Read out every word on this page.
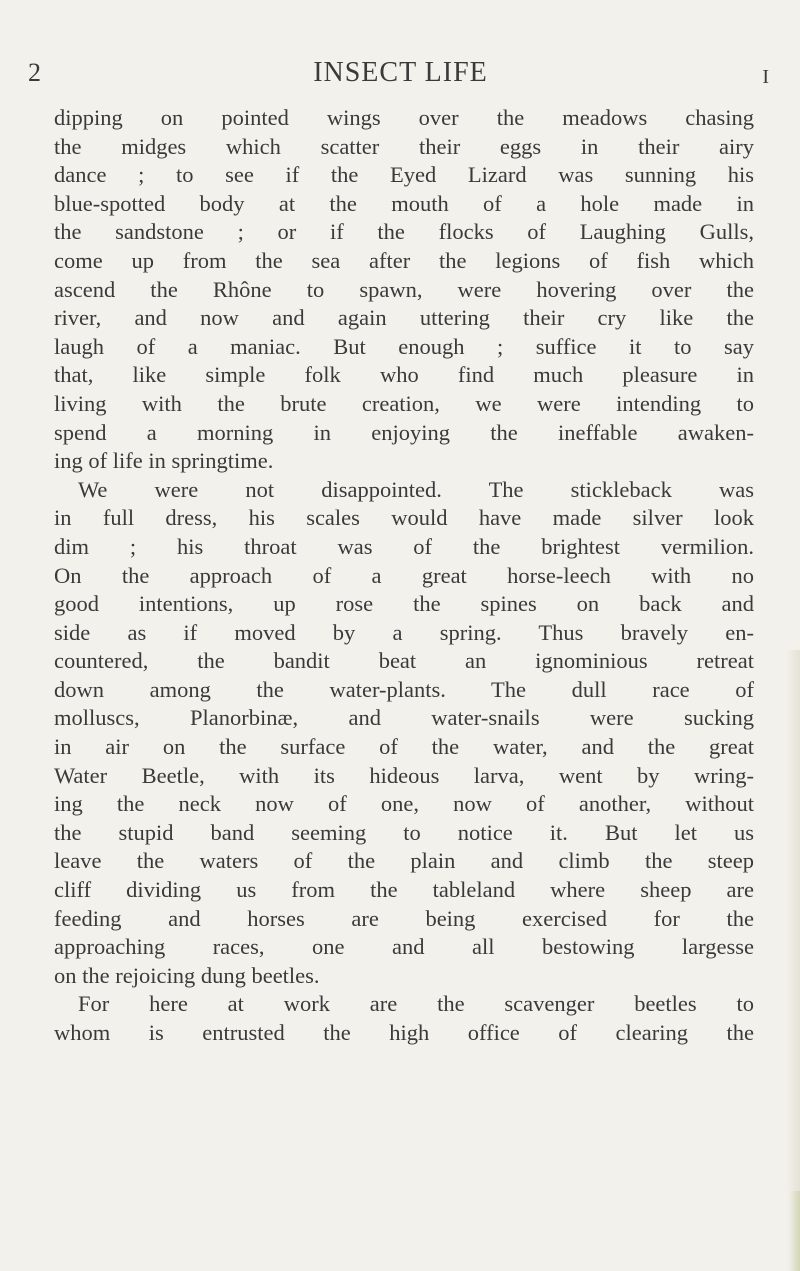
2	INSECT LIFE	I
dipping on pointed wings over the meadows chasing
the midges which scatter their eggs in their airy
dance ; to see if the Eyed Lizard was sunning his
blue-spotted body at the mouth of a hole made in
the sandstone ; or if the flocks of Laughing Gulls,
come up from the sea after the legions of fish which
ascend the Rhône to spawn, were hovering over the
river, and now and again uttering their cry like the
laugh of a maniac. But enough ; suffice it to say
that, like simple folk who find much pleasure in
living with the brute creation, we were intending to
spend a morning in enjoying the ineffable awaken-
ing of life in springtime.
We were not disappointed. The stickleback was
in full dress, his scales would have made silver look
dim ; his throat was of the brightest vermilion.
On the approach of a great horse-leech with no
good intentions, up rose the spines on back and
side as if moved by a spring. Thus bravely en-
countered, the bandit beat an ignominious retreat
down among the water-plants. The dull race of
molluscs, Planorbinæ, and water-snails were sucking
in air on the surface of the water, and the great
Water Beetle, with its hideous larva, went by wring-
ing the neck now of one, now of another, without
the stupid band seeming to notice it. But let us
leave the waters of the plain and climb the steep
cliff dividing us from the tableland where sheep are
feeding and horses are being exercised for the
approaching races, one and all bestowing largesse
on the rejoicing dung beetles.
For here at work are the scavenger beetles to
whom is entrusted the high office of clearing the
